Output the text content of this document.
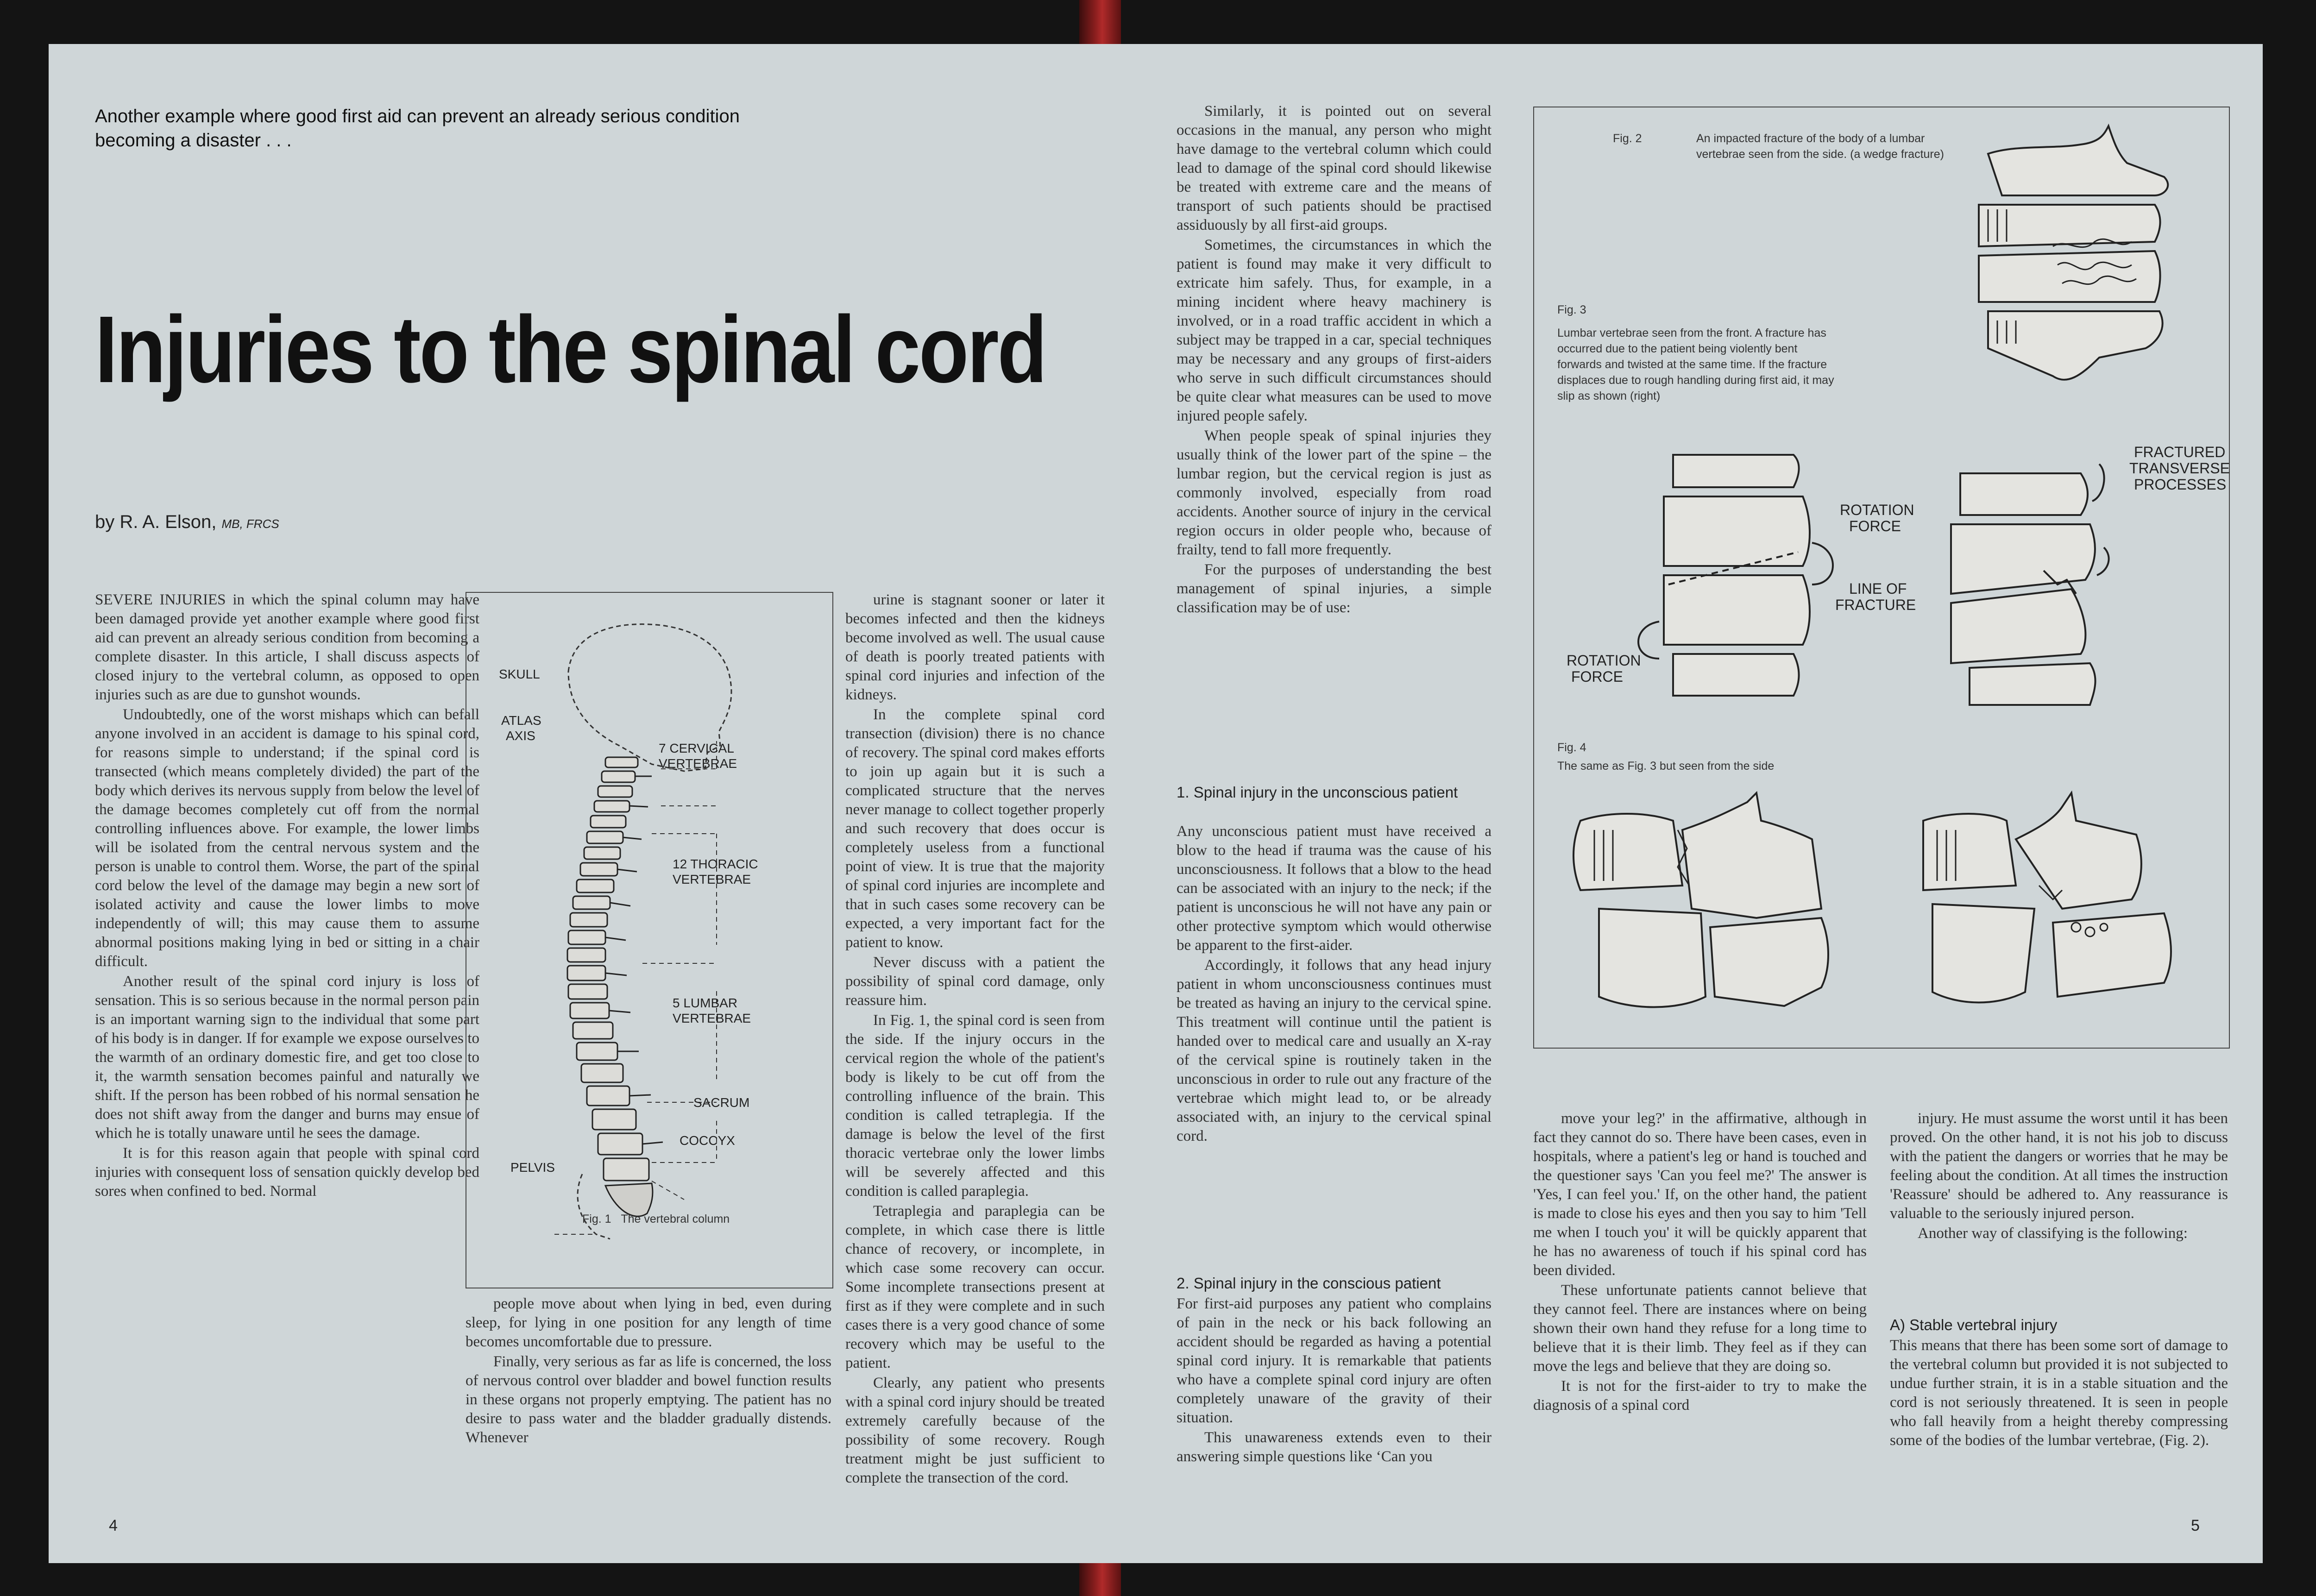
Another example where good first aid can prevent an already serious condition becoming a disaster . . .
Injuries to the spinal cord
by R. A. Elson, MB, FRCS

SEVERE INJURIES in which the spinal column may have been damaged provide yet another example where good first aid can prevent an already serious condition from becoming a complete disaster. In this article, I shall discuss aspects of closed injury to the vertebral column, as opposed to open injuries such as are due to gunshot wounds.

Undoubtedly, one of the worst mishaps which can befall anyone involved in an accident is damage to his spinal cord, for reasons simple to understand; if the spinal cord is transected (which means completely divided) the part of the body which derives its nervous supply from below the level of the damage becomes completely cut off from the normal controlling influences above. For example, the lower limbs will be isolated from the central nervous system and the person is unable to control them. Worse, the part of the spinal cord below the level of the damage may begin a new sort of isolated activity and cause the lower limbs to move independently of will; this may cause them to assume abnormal positions making lying in bed or sitting in a chair difficult.

Another result of the spinal cord injury is loss of sensation. This is so serious because in the normal person pain is an important warning sign to the individual that some part of his body is in danger. If for example we expose ourselves to the warmth of an ordinary domestic fire, and get too close to it, the warmth sensation becomes painful and naturally we shift. If the person has been robbed of his normal sensation he does not shift away from the danger and burns may ensue of which he is totally unaware until he sees the damage.

It is for this reason again that people with spinal cord injuries with consequent loss of sensation quickly develop bed sores when confined to bed. Normal

SKULL
ATLAS
AXIS
7 CERVICAL
VERTEBRAE
12 THORACIC
VERTEBRAE
5 LUMBAR
VERTEBRAE
SACRUM
COCCYX
PELVIS
Fig. 1 The vertebral column

people move about when lying in bed, even during sleep, for lying in one position for any length of time becomes uncomfortable due to pressure.

Finally, very serious as far as life is concerned, the loss of nervous control over bladder and bowel function results in these organs not properly emptying. The patient has no desire to pass water and the bladder gradually distends. Whenever

urine is stagnant sooner or later it becomes infected and then the kidneys become involved as well. The usual cause of death is poorly treated patients with spinal cord injuries and infection of the kidneys.

In the complete spinal cord transection (division) there is no chance of recovery. The spinal cord makes efforts to join up again but it is such a complicated structure that the nerves never manage to collect together properly and such recovery that does occur is completely useless from a functional point of view. It is true that the majority of spinal cord injuries are incomplete and that in such cases some recovery can be expected, a very important fact for the patient to know.

Never discuss with a patient the possibility of spinal cord damage, only reassure him.

In Fig. 1, the spinal cord is seen from the side. If the injury occurs in the cervical region the whole of the patient's body is likely to be cut off from the controlling influence of the brain. This condition is called tetraplegia. If the damage is below the level of the first thoracic vertebrae only the lower limbs will be severely affected and this condition is called paraplegia.

Tetraplegia and paraplegia can be complete, in which case there is little chance of recovery, or incomplete, in which case some recovery can occur. Some incomplete transections present at first as if they were complete and in such cases there is a very good chance of some recovery which may be useful to the patient.

Clearly, any patient who presents with a spinal cord injury should be treated extremely carefully because of the possibility of some recovery. Rough treatment might be just sufficient to complete the transection of the cord.

4

Similarly, it is pointed out on several occasions in the manual, any person who might have damage to the vertebral column which could lead to damage of the spinal cord should likewise be treated with extreme care and the means of transport of such patients should be practised assiduously by all first-aid groups.

Sometimes, the circumstances in which the patient is found may make it very difficult to extricate him safely. Thus, for example, in a mining incident where heavy machinery is involved, or in a road traffic accident in which a subject may be trapped in a car, special techniques may be necessary and any groups of first-aiders who serve in such difficult circumstances should be quite clear what measures can be used to move injured people safely.

When people speak of spinal injuries they usually think of the lower part of the spine – the lumbar region, but the cervical region is just as commonly involved, especially from road accidents. Another source of injury in the cervical region occurs in older people who, because of frailty, tend to fall more frequently.

For the purposes of understanding the best management of spinal injuries, a simple classification may be of use:

1. Spinal injury in the unconscious patient

Any unconscious patient must have received a blow to the head if trauma was the cause of his unconsciousness. It follows that a blow to the head can be associated with an injury to the neck; if the patient is unconscious he will not have any pain or other protective symptom which would otherwise be apparent to the first-aider.

Accordingly, it follows that any head injury patient in whom unconsciousness continues must be treated as having an injury to the cervical spine. This treatment will continue until the patient is handed over to medical care and usually an X-ray of the cervical spine is routinely taken in the unconscious in order to rule out any fracture of the vertebrae which might lead to, or be already associated with, an injury to the cervical spinal cord.

2. Spinal injury in the conscious patient

For first-aid purposes any patient who complains of pain in the neck or his back following an accident should be regarded as having a potential spinal cord injury. It is remarkable that patients who have a complete spinal cord injury are often completely unaware of the gravity of their situation.

This unawareness extends even to their answering simple questions like ‘Can you

Fig. 2	An impacted fracture of the body of a lumbar vertebrae seen from the side. (a wedge fracture)
Fig. 3
Lumbar vertebrae seen from the front. A fracture has occurred due to the patient being violently bent forwards and twisted at the same time. If the fracture displaces due to rough handling during first aid, it may slip as shown (right)
ROTATION
FORCE
LINE OF
FRACTURE
ROTATION
FORCE
FRACTURED
TRANSVERSE
PROCESSES
Fig. 4
The same as Fig. 3 but seen from the side

move your leg?' in the affirmative, although in fact they cannot do so. There have been cases, even in hospitals, where a patient's leg or hand is touched and the questioner says 'Can you feel me?' The answer is 'Yes, I can feel you.' If, on the other hand, the patient is made to close his eyes and then you say to him 'Tell me when I touch you' it will be quickly apparent that he has no awareness of touch if his spinal cord has been divided.

These unfortunate patients cannot believe that they cannot feel. There are instances where on being shown their own hand they refuse for a long time to believe that it is their limb. They feel as if they can move the legs and believe that they are doing so.

It is not for the first-aider to try to make the diagnosis of a spinal cord

injury. He must assume the worst until it has been proved. On the other hand, it is not his job to discuss with the patient the dangers or worries that he may be feeling about the condition. At all times the instruction 'Reassure' should be adhered to. Any reassurance is valuable to the seriously injured person.

Another way of classifying is the following:

A) Stable vertebral injury

This means that there has been some sort of damage to the vertebral column but provided it is not subjected to undue further strain, it is in a stable situation and the cord is not seriously threatened. It is seen in people who fall heavily from a height thereby compressing some of the bodies of the lumbar vertebrae, (Fig. 2).

5
